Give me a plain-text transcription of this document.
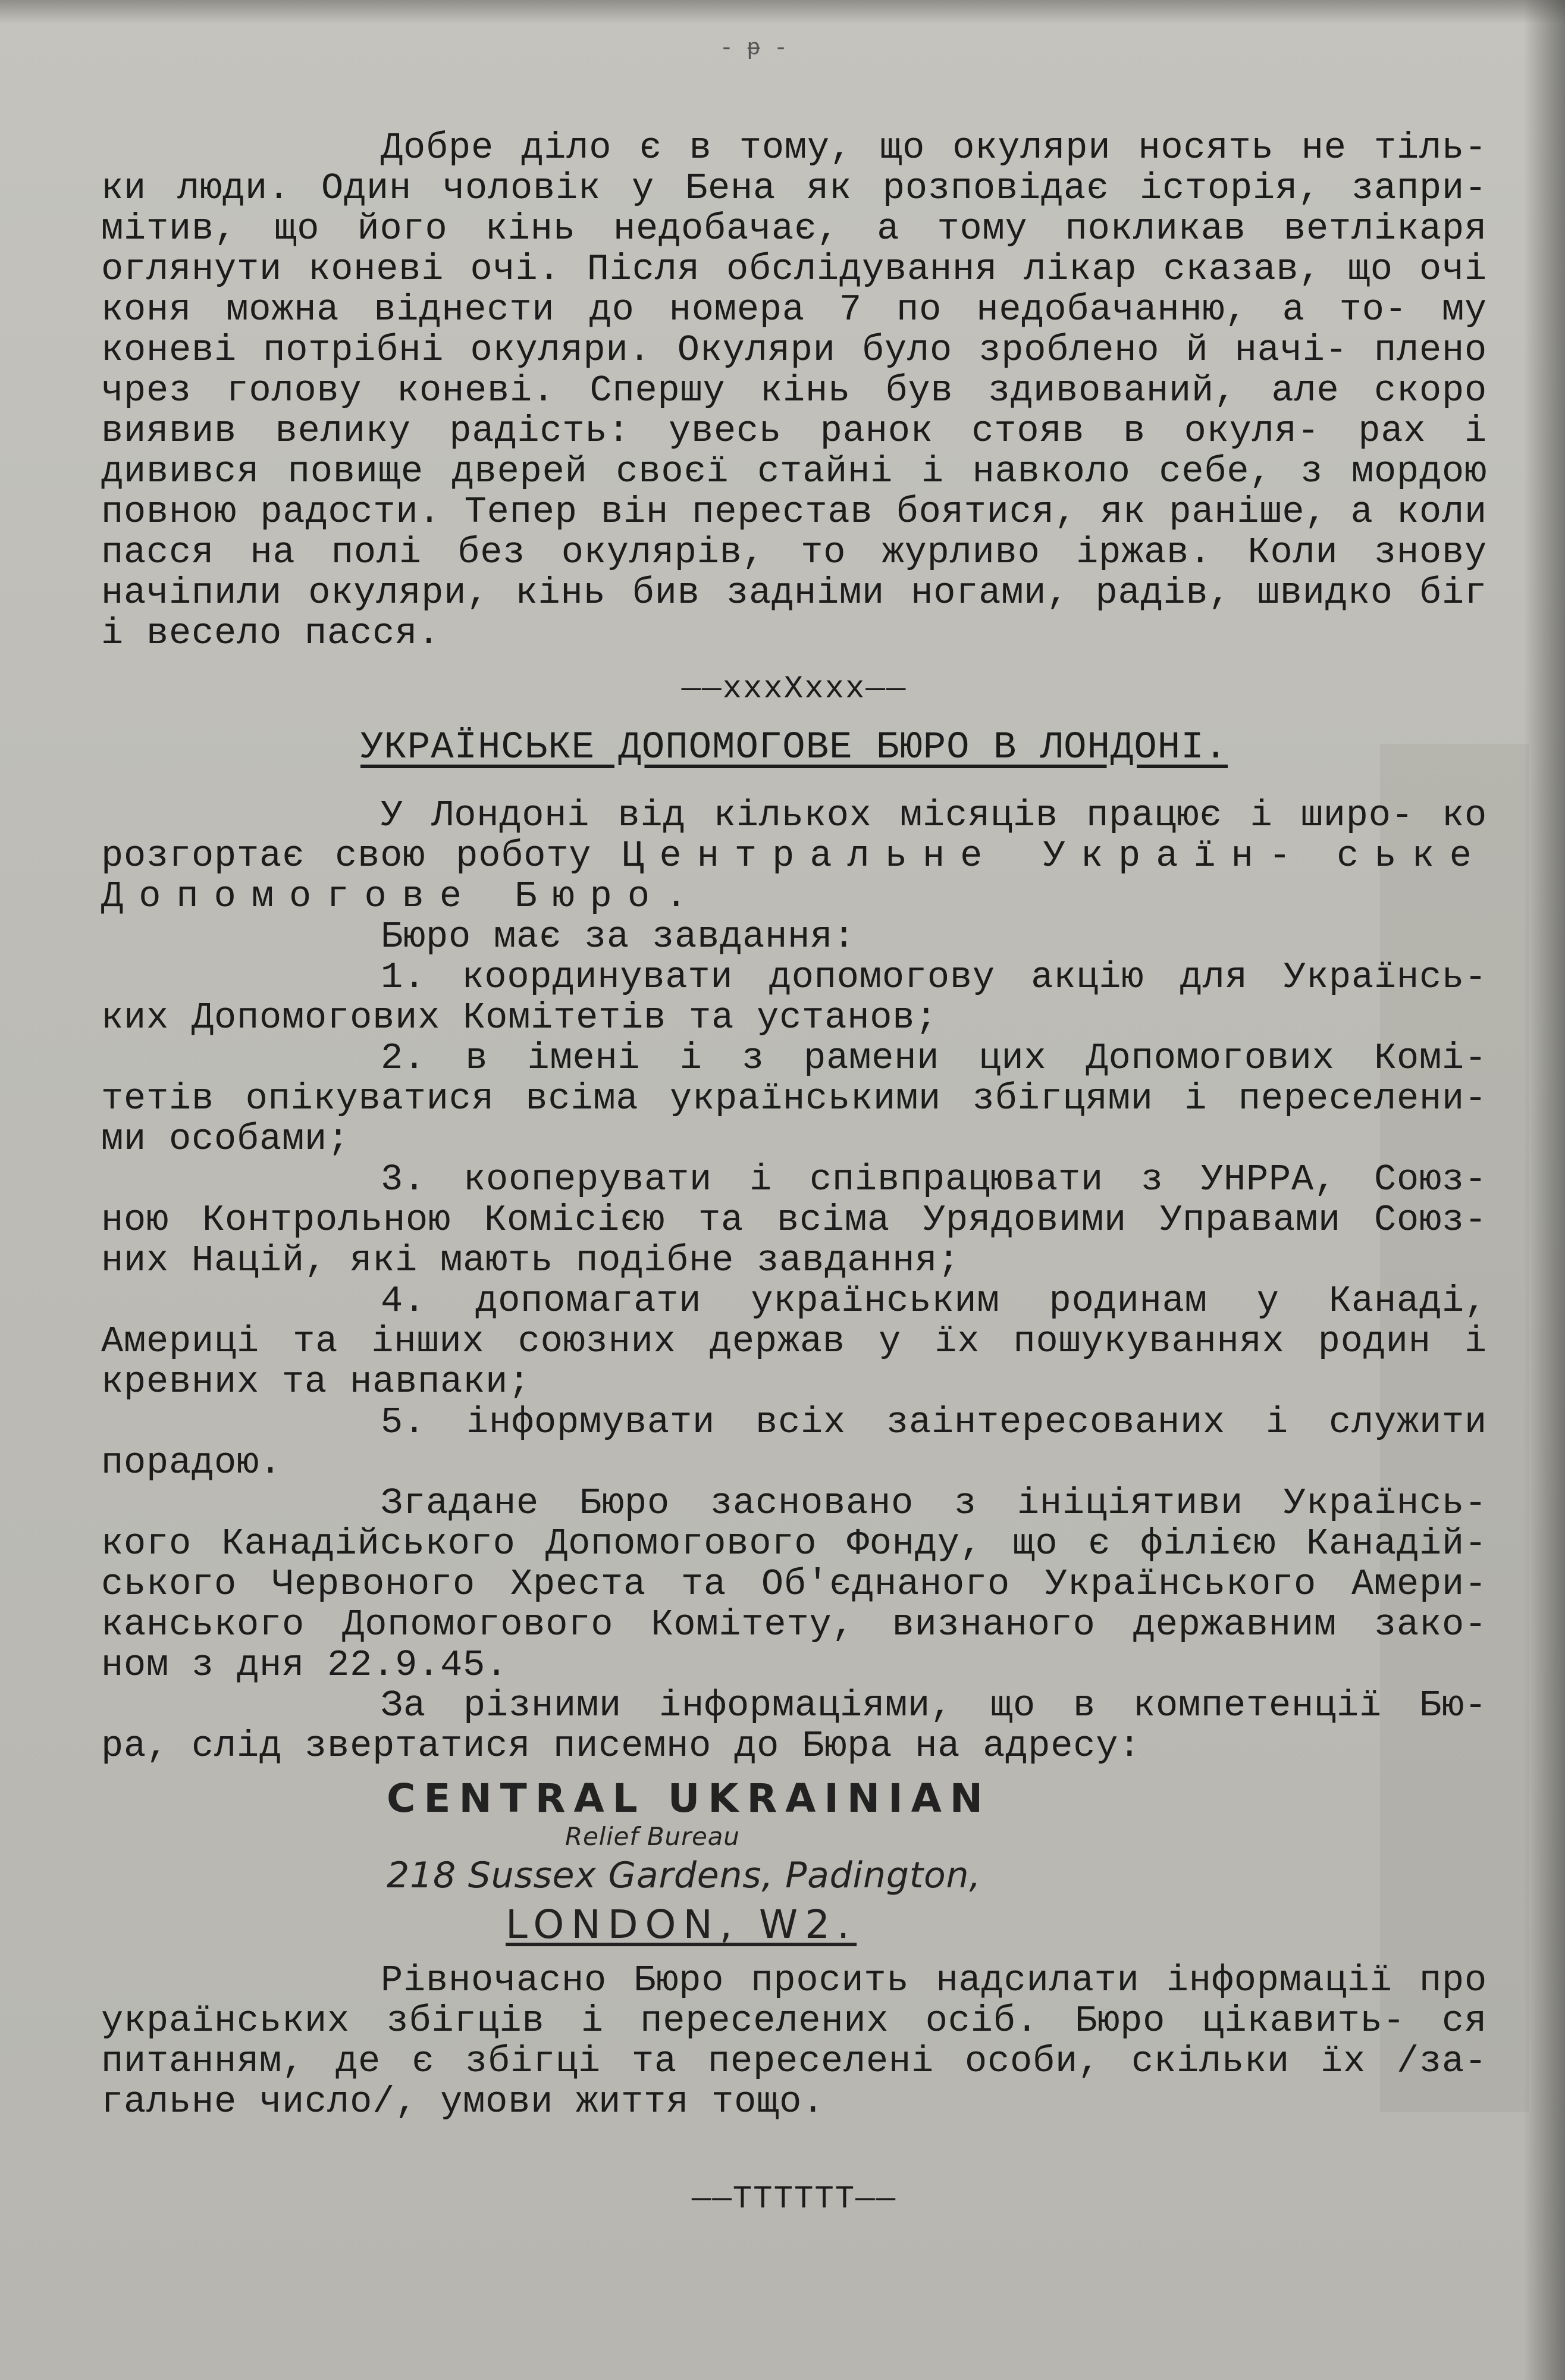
- ᵽ -

Добре діло є в тому, що окуляри носять не тіль- ки люди. Один чоловік у Бена як розповідає історія, запри- мітив, що його кінь недобачає, а тому покликав ветлікаря оглянути коневі очі. Після обслідування лікар сказав, що очі коня можна віднести до номера 7 по недобачанню, а то- му коневі потрібні окуляри. Окуляри було зроблено й начі- плено чрез голову коневі. Спершу кінь був здивований, але скоро виявив велику радість: увесь ранок стояв в окуля- рах і дивився повище дверей своєї стайні і навколо себе, з мордою повною радости. Тепер він перестав боятися, як раніше, а коли пасся на полі без окулярів, то журливо іржав. Коли знову начіпили окуляри, кінь бив задніми ногами, радів, швидко біг і весело пасся.

——xxxXxxx——
УКРАЇНСЬКЕ ДОПОМОГОВЕ БЮРО В ЛОНДОНІ.

У Лондоні від кількох місяців працює і широ- ко розгортає свою роботу Центральне Україн- ське Допомогове Бюро.

Бюро має за завдання:

1. координувати допомогову акцію для Українсь- ких Допомогових Комітетів та установ;

2. в імені і з рамени цих Допомогових Комі- тетів опікуватися всіма українськими збігцями і переселени- ми особами;

3. кооперувати і співпрацювати з УНРРА, Союз- ною Контрольною Комісією та всіма Урядовими Управами Союз- них Націй, які мають подібне завдання;

4. допомагати українським родинам у Канаді, Америці та інших союзних держав у їх пошукуваннях родин і кревних та навпаки;

5. інформувати всіх заінтересованих і служити порадою.

Згадане Бюро засновано з ініціятиви Українсь- кого Канадійського Допомогового Фонду, що є філією Канадій- ського Червоного Хреста та Об'єднаного Українського Амери- канського Допомогового Комітету, визнаного державним зако- ном з дня 22.9.45.

За різними інформаціями, що в компетенції Бю- ра, слід звертатися писемно до Бюра на адресу:

CENTRAL UKRAINIAN
Relief Bureau
218 Sussex Gardens, Padington,
LONDON, W2.

Рівночасно Бюро просить надсилати інформації про українських збігців і переселених осіб. Бюро цікавить- ся питанням, де є збігці та переселені особи, скільки їх /за- гальне число/, умови життя тощо.

——TTTTTT——
